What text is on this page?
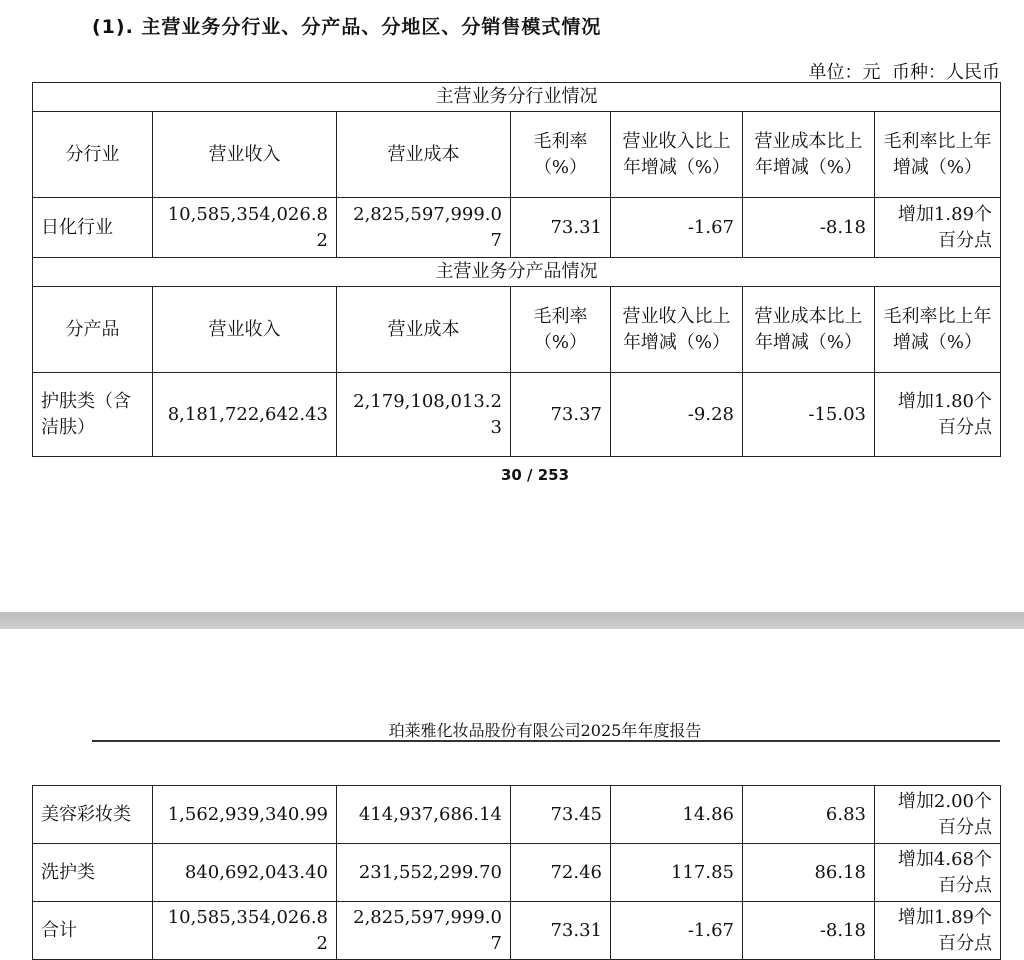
(1). 主营业务分行业、分产品、分地区、分销售模式情况
单位：元  币种：人民币
主营业务分行业情况						
分行业	营业收入	营业成本	毛利率（%）	营业收入比上年增减（%）	营业成本比上年增减（%）	毛利率比上年增减（%）
日化行业	10,585,354,026.82	2,825,597,999.07	73.31	-1.67	-8.18	增加1.89个百分点
主营业务分产品情况						
分产品	营业收入	营业成本	毛利率（%）	营业收入比上年增减（%）	营业成本比上年增减（%）	毛利率比上年增减（%）
护肤类（含洁肤）	8,181,722,642.43	2,179,108,013.23	73.37	-9.28	-15.03	增加1.80个百分点
30 / 253
珀莱雅化妆品股份有限公司2025年年度报告
美容彩妆类	1,562,939,340.99	414,937,686.14	73.45	14.86	6.83	增加2.00个百分点
洗护类	840,692,043.40	231,552,299.70	72.46	117.85	86.18	增加4.68个百分点
合计	10,585,354,026.82	2,825,597,999.07	73.31	-1.67	-8.18	增加1.89个百分点
